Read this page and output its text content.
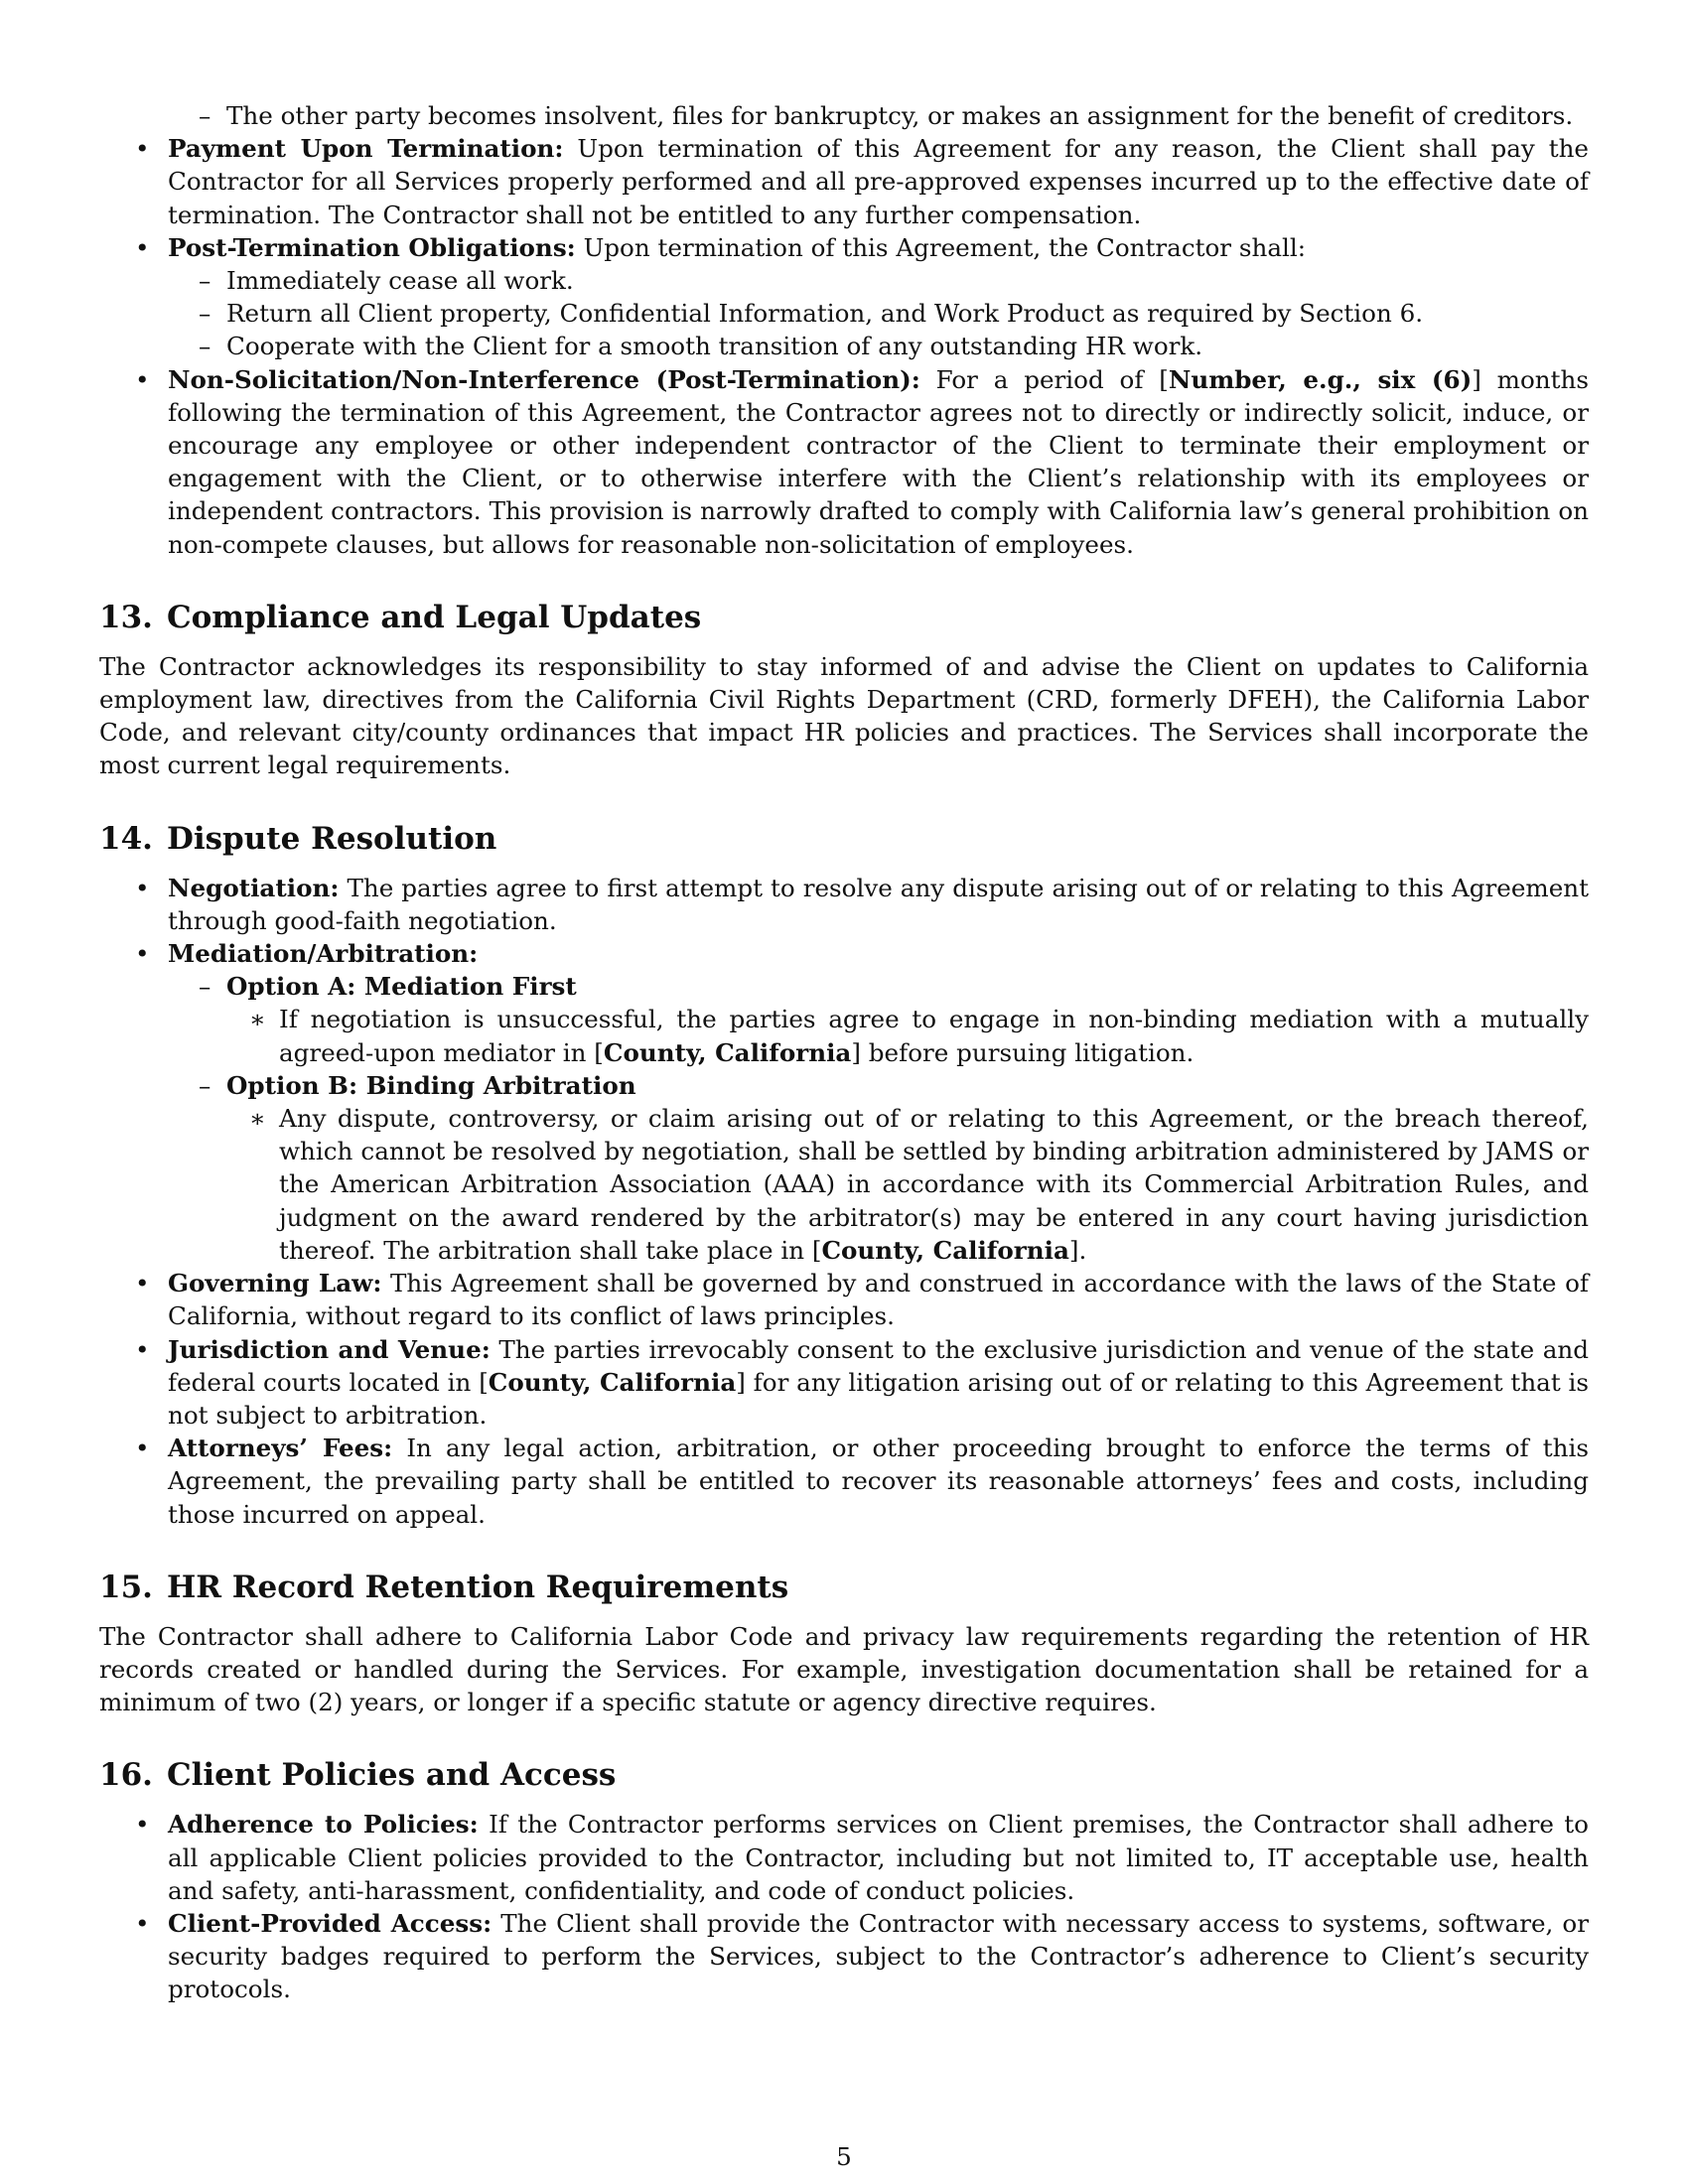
– The other party becomes insolvent, files for bankruptcy, or makes an assignment for the benefit of creditors.
• Payment Upon Termination: Upon termination of this Agreement for any reason, the Client shall pay the Contractor for all Services properly performed and all pre-approved expenses incurred up to the effective date of termination. The Contractor shall not be entitled to any further compensation.
• Post-Termination Obligations: Upon termination of this Agreement, the Contractor shall:
– Immediately cease all work.
– Return all Client property, Confidential Information, and Work Product as required by Section 6.
– Cooperate with the Client for a smooth transition of any outstanding HR work.
• Non-Solicitation/Non-Interference (Post-Termination): For a period of [Number, e.g., six (6)] months following the termination of this Agreement, the Contractor agrees not to directly or indirectly solicit, induce, or encourage any employee or other independent contractor of the Client to terminate their employment or engagement with the Client, or to otherwise interfere with the Client’s relationship with its employees or independent contractors. This provision is narrowly drafted to comply with California law’s general prohibition on non-compete clauses, but allows for reasonable non-solicitation of employees.
13. Compliance and Legal Updates
The Contractor acknowledges its responsibility to stay informed of and advise the Client on updates to California employment law, directives from the California Civil Rights Department (CRD, formerly DFEH), the California Labor Code, and relevant city/county ordinances that impact HR policies and practices. The Services shall incorporate the most current legal requirements.
14. Dispute Resolution
• Negotiation: The parties agree to first attempt to resolve any dispute arising out of or relating to this Agreement through good-faith negotiation.
• Mediation/Arbitration:
– Option A: Mediation First
∗ If negotiation is unsuccessful, the parties agree to engage in non-binding mediation with a mutually agreed-upon mediator in [County, California] before pursuing litigation.
– Option B: Binding Arbitration
∗ Any dispute, controversy, or claim arising out of or relating to this Agreement, or the breach thereof, which cannot be resolved by negotiation, shall be settled by binding arbitration administered by JAMS or the American Arbitration Association (AAA) in accordance with its Commercial Arbitration Rules, and judgment on the award rendered by the arbitrator(s) may be entered in any court having jurisdiction thereof. The arbitration shall take place in [County, California].
• Governing Law: This Agreement shall be governed by and construed in accordance with the laws of the State of California, without regard to its conflict of laws principles.
• Jurisdiction and Venue: The parties irrevocably consent to the exclusive jurisdiction and venue of the state and federal courts located in [County, California] for any litigation arising out of or relating to this Agreement that is not subject to arbitration.
• Attorneys’ Fees: In any legal action, arbitration, or other proceeding brought to enforce the terms of this Agreement, the prevailing party shall be entitled to recover its reasonable attorneys’ fees and costs, including those incurred on appeal.
15. HR Record Retention Requirements
The Contractor shall adhere to California Labor Code and privacy law requirements regarding the retention of HR records created or handled during the Services. For example, investigation documentation shall be retained for a minimum of two (2) years, or longer if a specific statute or agency directive requires.
16. Client Policies and Access
• Adherence to Policies: If the Contractor performs services on Client premises, the Contractor shall adhere to all applicable Client policies provided to the Contractor, including but not limited to, IT acceptable use, health and safety, anti-harassment, confidentiality, and code of conduct policies.
• Client-Provided Access: The Client shall provide the Contractor with necessary access to systems, software, or security badges required to perform the Services, subject to the Contractor’s adherence to Client’s security protocols.
5
